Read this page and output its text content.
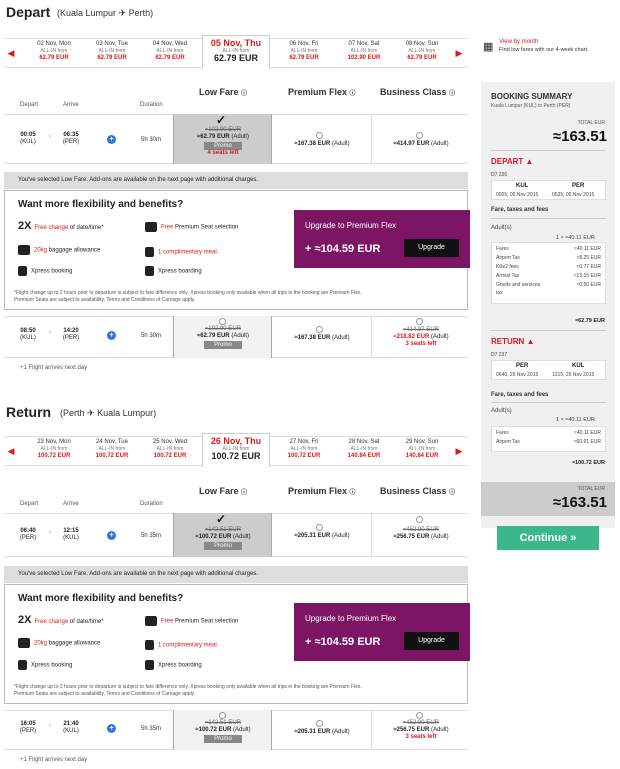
Depart (Kuala Lumpur ✈ Perth)
◀
02 Nov, Mon
ALL-IN from
62.79 EUR
03 Nov, Tue
ALL-IN from
62.79 EUR
04 Nov, Wed
ALL-IN from
62.79 EUR
05 Nov, Thu
ALL-IN from
62.79 EUR
06 Nov, Fri
ALL-IN from
62.79 EUR
07 Nov, Sat
ALL-IN from
102.90 EUR
08 Nov, Sun
ALL-IN from
62.79 EUR	▶ ▦ View by month
Find low fares with our 4-week chart.
Low Fare ⓘ	Premium Flex ⓘ	Business Class ⓘ
Depart	Arrive	Duration
00:05
(KUL)
›	06:35
(PER)	+	5h 30m
✓
≈102.90 EUR
≈62.79 EUR (Adult)
Promo
4 seats left
≈167.38 EUR (Adult)	≈414.97 EUR (Adult)
You've selected Low Fare. Add-ons are available on the next page with additional charges.
Want more flexibility and benefits?
2X Free change of date/time*	Free Premium Seat selection
20kg baggage allowance	1 complimentary meal.
Xpress booking	Xpress boarding
Upgrade to Premium Flex
+ ≈104.59 EUR	Upgrade
*Flight change up to 2 hours prior to departure is subject to fare difference only. Xpress booking only available when all trips in the booking are Premium Flex.
Premium Seats are subject to availability. Terms and Conditions of Carriage apply.
08:50
(KUL)
›	14:20
(PER)	+	5h 30m
≈102.90 EUR
≈62.79 EUR (Adult)
Promo
≈167.38 EUR (Adult)
≈414.97 EUR
≈218.82 EUR (Adult)
3 seats left
+1 Flight arrives next day
Return (Perth ✈ Kuala Lumpur)
◀
23 Nov, Mon
ALL-IN from
100.72 EUR
24 Nov, Tue
ALL-IN from
100.72 EUR
25 Nov, Wed
ALL-IN from
100.72 EUR
26 Nov, Thu
ALL-IN from
100.72 EUR
27 Nov, Fri
ALL-IN from
100.72 EUR
28 Nov, Sat
ALL-IN from
140.84 EUR
29 Nov, Sun
ALL-IN from
140.84 EUR	▶
Low Fare ⓘ	Premium Flex ⓘ	Business Class ⓘ
Depart	Arrive	Duration
06:40
(PER)
›	12:15
(KUL)	+	5h 35m
✓
≈142.51 EUR
≈100.72 EUR (Adult)
Promo
≈205.31 EUR (Adult)
≈452.90 EUR
≈256.75 EUR (Adult)
You've selected Low Fare. Add-ons are available on the next page with additional charges.
Want more flexibility and benefits?
2X Free change of date/time*	Free Premium Seat selection
20kg baggage allowance	1 complimentary meal.
Xpress booking	Xpress boarding
Upgrade to Premium Flex
+ ≈104.59 EUR	Upgrade
*Flight change up to 2 hours prior to departure is subject to fare difference only. Xpress booking only available when all trips in the booking are Premium Flex.
Premium Seats are subject to availability. Terms and Conditions of Carriage apply.
16:05
(PER)
›	21:40
(KUL)	+	5h 35m
≈142.51 EUR
≈100.72 EUR (Adult)
Promo
≈205.31 EUR (Adult)
≈452.90 EUR
≈256.75 EUR (Adult)
3 seats left
+1 Flight arrives next day
BOOKING SUMMARY
Kuala Lumpur (KUL) to Perth (PER)
TOTAL EUR
≈163.51
DEPART ▲
D7 236
KUL	PER
0005, 05 Nov 2015	0535, 05 Nov 2015
Fare, taxes and fees
Adult(s)
1 × ≈40.11 EUR
Fares	≈40.11 EUR
Airport Tax	≈8.25 EUR
Kiliz2 fees	≈0.77 EUR
Arrival Tax	≈13.15 EUR
Goods and services	≈0.50 EUR
tax
≈62.79 EUR
RETURN ▲
D7 237
PER	KUL
0640, 26 Nov 2015	1215, 26 Nov 2015
Fare, taxes and fees
Adult(s)
1 × ≈40.11 EUR
Fares	≈40.11 EUR
Airport Tax	≈60.61 EUR
≈100.72 EUR
TOTAL EUR
≈163.51
Continue »
